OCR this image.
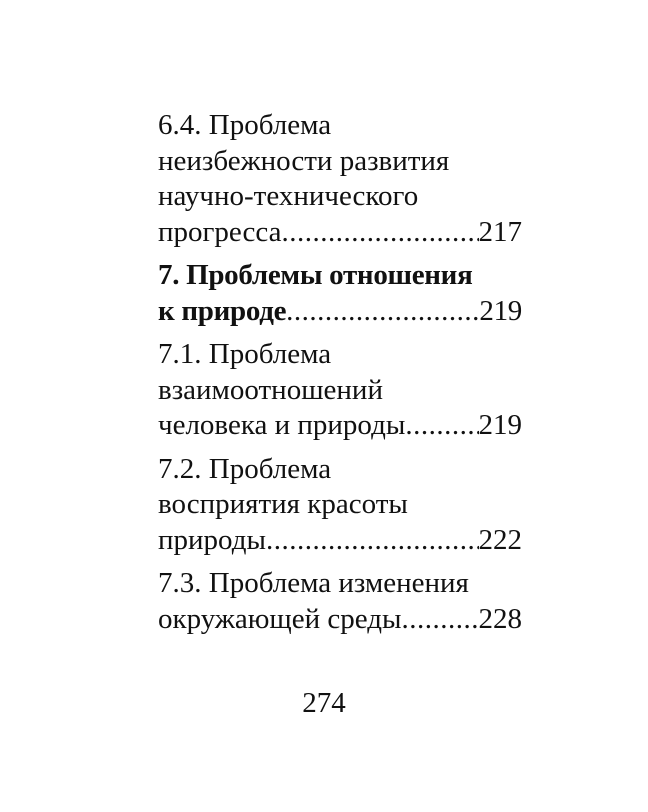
6.4. Проблема
неизбежности развития
научно-технического
прогресса .....	217
7. Проблемы отношения
к природе .....	219
7.1. Проблема
взаимоотношений
человека и природы .....	219
7.2. Проблема
восприятия красоты
природы .....	222
7.3. Проблема изменения
окружающей среды .....	228
274
